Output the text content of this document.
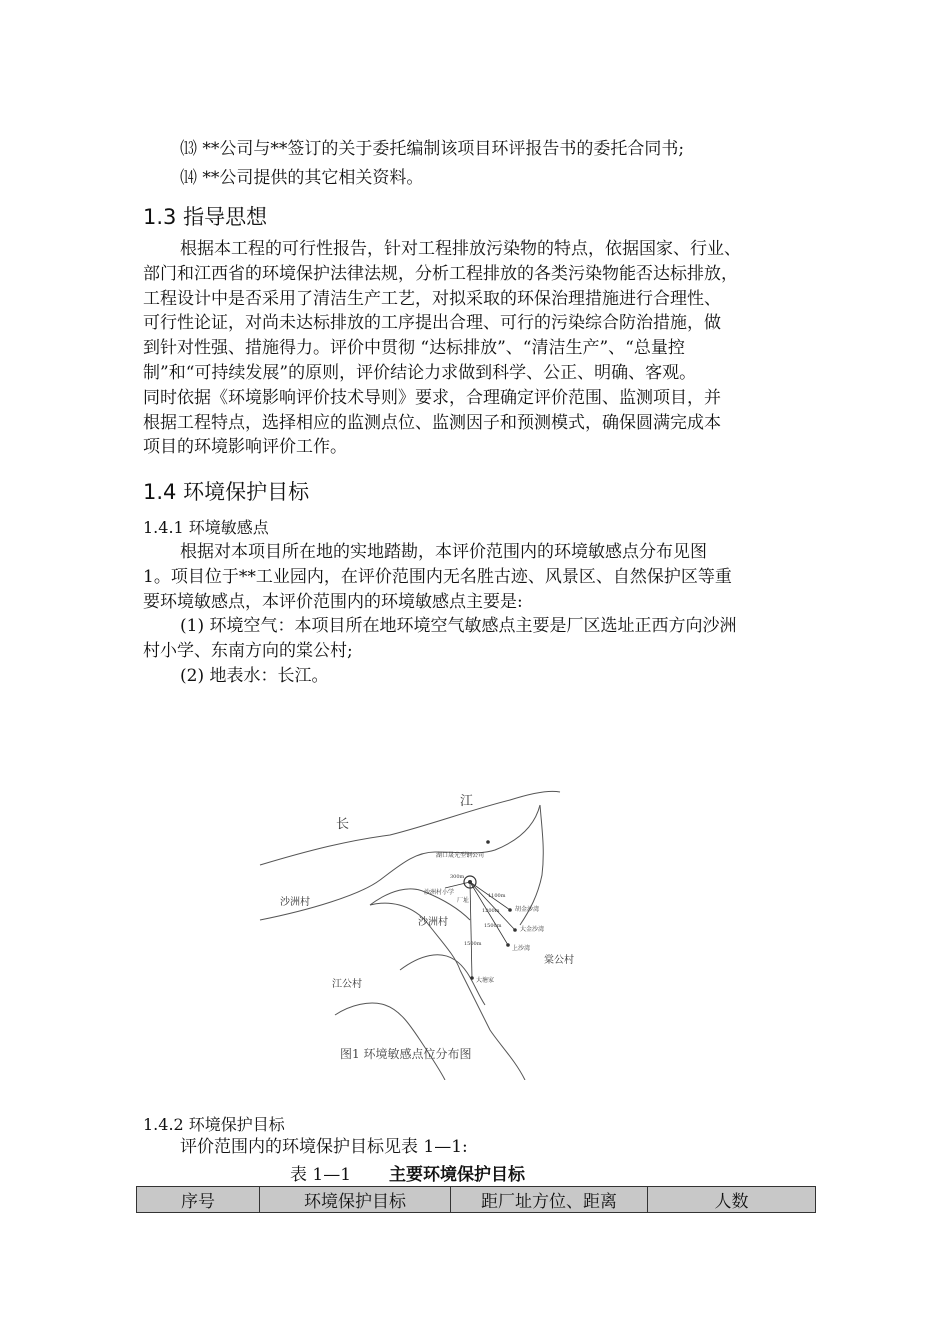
⒀ **公司与**签订的关于委托编制该项目环评报告书的委托合同书;
⒁ **公司提供的其它相关资料。
1.3 指导思想

根据本工程的可行性报告，针对工程排放污染物的特点，依据国家、行业、

部门和江西省的环境保护法律法规，分析工程排放的各类污染物能否达标排放，

工程设计中是否采用了清洁生产工艺，对拟采取的环保治理措施进行合理性、

可行性论证，对尚未达标排放的工序提出合理、可行的污染综合防治措施，做

到针对性强、措施得力。评价中贯彻 “达标排放”、“清洁生产”、“总量控

制”和“可持续发展”的原则，评价结论力求做到科学、公正、明确、客观。

同时依据《环境影响评价技术导则》要求，合理确定评价范围、监测项目，并

根据工程特点，选择相应的监测点位、监测因子和预测模式，确保圆满完成本

项目的环境影响评价工作。

1.4 环境保护目标
1.4.1 环境敏感点

根据对本项目所在地的实地踏勘，本评价范围内的环境敏感点分布见图

1。项目位于**工业园内，在评价范围内无名胜古迹、风景区、自然保护区等重

要环境敏感点，本评价范围内的环境敏感点主要是:

(1) 环境空气：本项目所在地环境空气敏感点主要是厂区选址正西方向沙洲

村小学、东南方向的棠公村;

(2) 地表水：长江。

江
长
湖口晟光型钢公司
沙洲村
沙洲村
棠公村
江公村
沙洲村小学
厂址
300m
1100m
1200m
1500m
1500m
胡金沙湾
大金沙湾
上沙湾
大塘家
图1 环境敏感点位分布图
1.4.2 环境保护目标
评价范围内的环境保护目标见表 1—1:
表 1—1 主要环境保护目标
序号	环境保护目标	距厂址方位、距离	人数
